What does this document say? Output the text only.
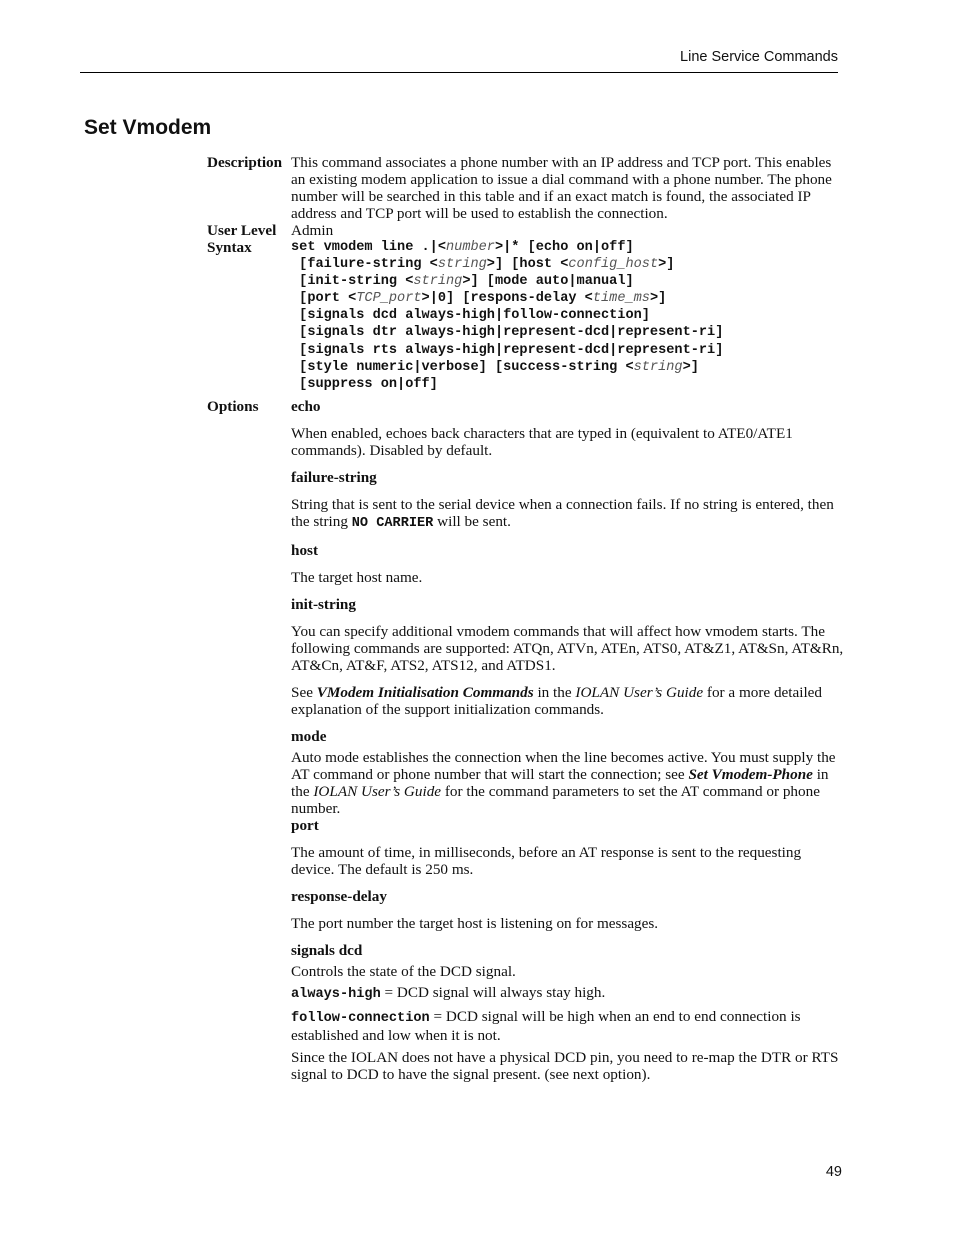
Line Service Commands
Set Vmodem
Description This command associates a phone number with an IP address and TCP port. This enables an existing modem application to issue a dial command with a phone number. The phone number will be searched in this table and if an exact match is found, the associated IP address and TCP port will be used to establish the connection.

User Level Admin
Syntax	set vmodem line .|<number>|* [echo on|off]
[failure-string <string>] [host <config_host>]
[init-string <string>] [mode auto|manual]
[port <TCP_port>|0] [respons-delay <time_ms>]
[signals dcd always-high|follow-connection]
[signals dtr always-high|represent-dcd|represent-ri]
[signals rts always-high|represent-dcd|represent-ri]
[style numeric|verbose] [success-string <string>]
[suppress on|off]
Options	echo

When enabled, echoes back characters that are typed in (equivalent to ATE0/ATE1 commands). Disabled by default.

failure-string

String that is sent to the serial device when a connection fails. If no string is entered, then the string NO CARRIER will be sent.

host

The target host name.

init-string

You can specify additional vmodem commands that will affect how vmodem starts. The following commands are supported: ATQn, ATVn, ATEn, ATS0, AT&Z1, AT&Sn, AT&Rn, AT&Cn, AT&F, ATS2, ATS12, and ATDS1.

See VModem Initialisation Commands in the IOLAN User’s Guide for a more detailed explanation of the support initialization commands.

mode

Auto mode establishes the connection when the line becomes active. You must supply the AT command or phone number that will start the connection; see Set Vmodem-Phone in the IOLAN User’s Guide for the command parameters to set the AT command or phone number.

port

The amount of time, in milliseconds, before an AT response is sent to the requesting device. The default is 250 ms.

response-delay

The port number the target host is listening on for messages.

signals dcd

Controls the state of the DCD signal.

always-high = DCD signal will always stay high.

follow-connection = DCD signal will be high when an end to end connection is established and low when it is not.

Since the IOLAN does not have a physical DCD pin, you need to re-map the DTR or RTS signal to DCD to have the signal present. (see next option).

49
